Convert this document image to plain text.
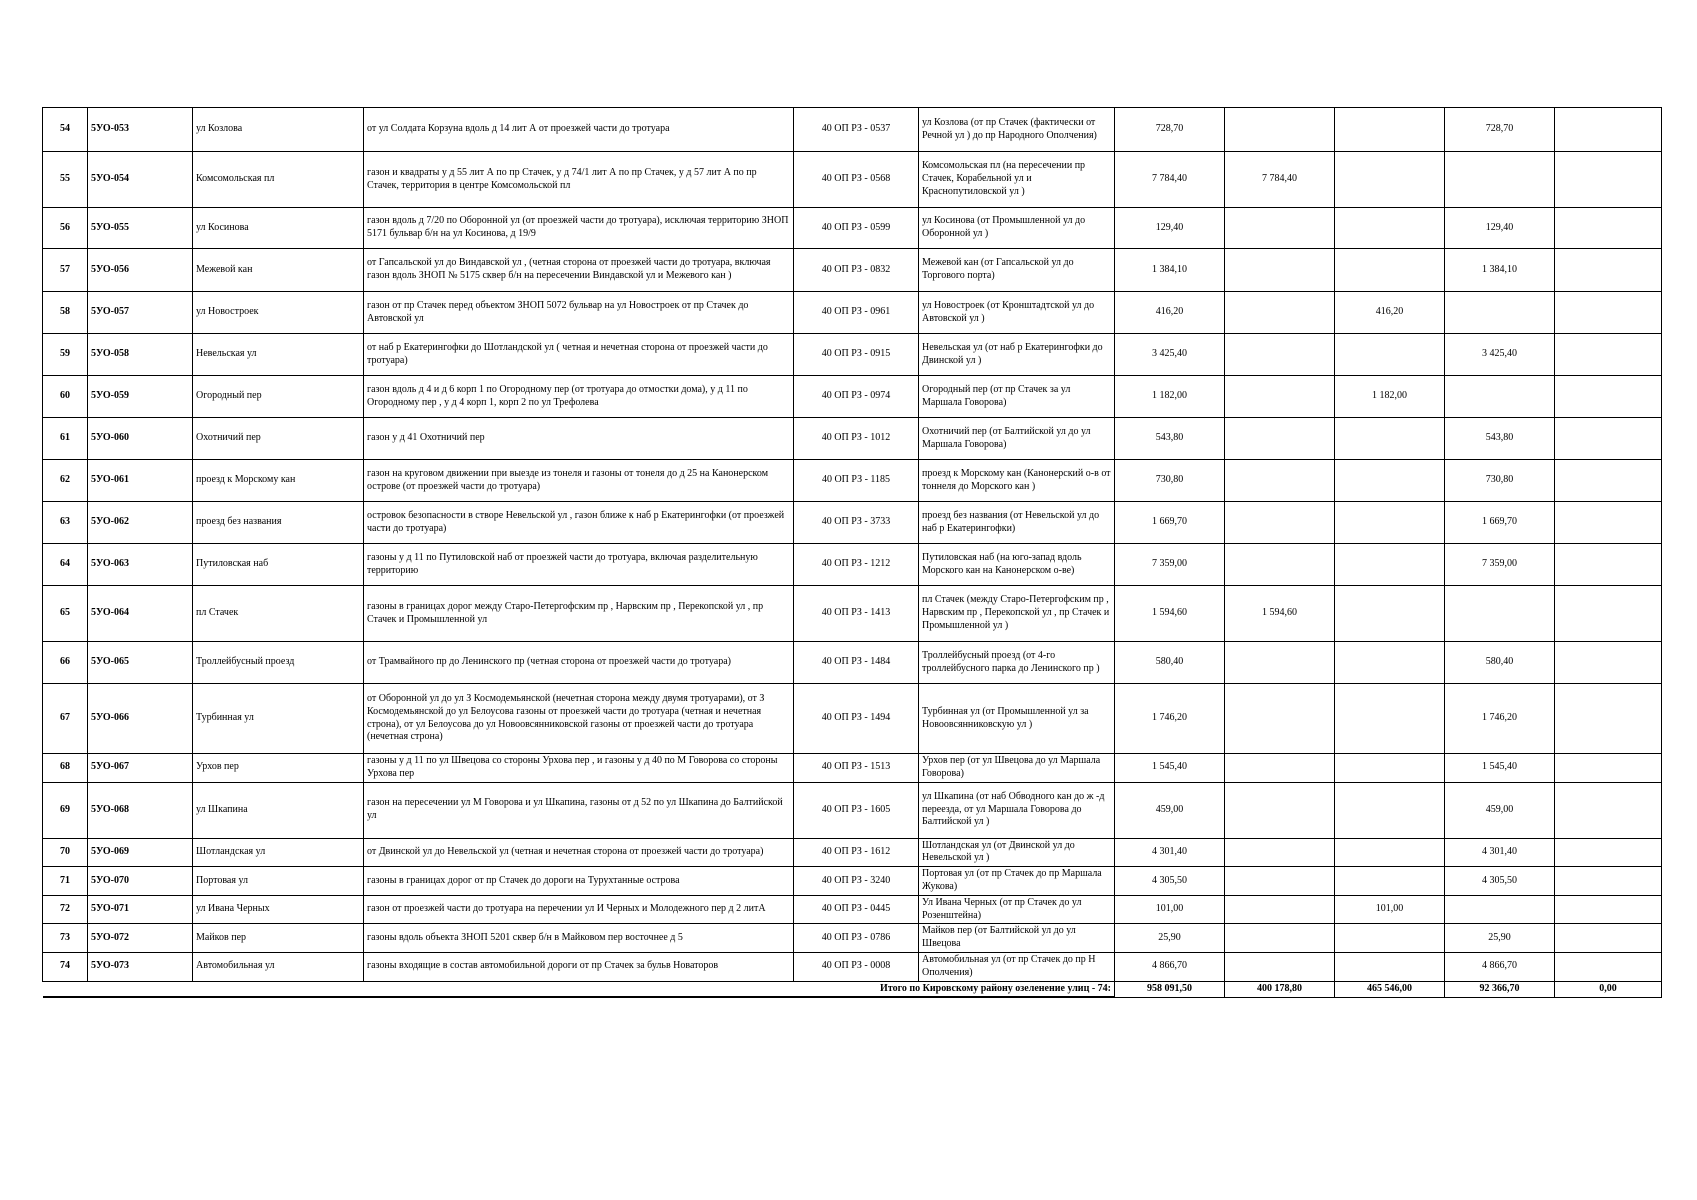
54	5УО-053	ул Козлова	от ул Солдата Корзуна вдоль д 14 лит А от проезжей части до тротуара	40 ОП РЗ - 0537	ул Козлова (от пр Стачек (фактически от Речной ул ) до пр Народного Ополчения)	728,70			728,70	
55	5УО-054	Комсомольская пл	газон и квадраты у д 55 лит А по пр Стачек, у д 74/1 лит А по пр Стачек, у д 57 лит А по пр Стачек, территория в центре Комсомольской пл	40 ОП РЗ - 0568	Комсомольская пл (на пересечении пр Стачек, Корабельной ул и Краснопутиловской ул )	7 784,40	7 784,40			
56	5УО-055	ул Косинова	газон вдоль д 7/20 по Оборонной ул (от проезжей части до тротуара), исключая территорию ЗНОП 5171 бульвар б/н на ул Косинова, д 19/9	40 ОП РЗ - 0599	ул Косинова (от Промышленной ул до Оборонной ул )	129,40			129,40	
57	5УО-056	Межевой кан	от Гапсальской ул до Виндавской ул , (четная сторона от проезжей части до тротуара, включая газон вдоль ЗНОП № 5175 сквер б/н на пересечении Виндавской ул и Межевого кан )	40 ОП РЗ - 0832	Межевой кан (от Гапсальской ул до Торгового порта)	1 384,10			1 384,10	
58	5УО-057	ул Новостроек	газон от пр Стачек перед объектом ЗНОП 5072 бульвар на ул Новостроек от пр Стачек до Автовской ул	40 ОП РЗ - 0961	ул Новостроек (от Кронштадтской ул до Автовской ул )	416,20		416,20		
59	5УО-058	Невельская ул	от наб р Екатерингофки до Шотландской ул ( четная и нечетная сторона от проезжей части до тротуара)	40 ОП РЗ - 0915	Невельская ул (от наб р Екатерингофки до Двинской ул )	3 425,40			3 425,40	
60	5УО-059	Огородный пер	газон вдоль д 4 и д 6 корп 1 по Огородному пер (от тротуара до отмостки дома), у д 11 по Огородному пер , у д 4 корп 1, корп 2 по ул Трефолева	40 ОП РЗ - 0974	Огородный пер (от пр Стачек за ул Маршала Говорова)	1 182,00		1 182,00		
61	5УО-060	Охотничий пер	газон у д 41 Охотничий пер	40 ОП РЗ - 1012	Охотничий пер (от Балтийской ул до ул Маршала Говорова)	543,80			543,80	
62	5УО-061	проезд к Морскому кан	газон на круговом движении при выезде из тонеля и газоны от тонеля до д 25 на Канонерском острове (от проезжей части до тротуара)	40 ОП РЗ - 1185	проезд к Морскому кан (Канонерский о-в от тоннеля до Морского кан )	730,80			730,80	
63	5УО-062	проезд без названия	островок безопасности в створе Невельской ул , газон ближе к наб р Екатерингофки (от проезжей части до тротуара)	40 ОП РЗ - 3733	проезд без названия (от Невельской ул до наб р Екатерингофки)	1 669,70			1 669,70	
64	5УО-063	Путиловская наб	газоны у д 11 по Путиловской наб от проезжей части до тротуара, включая разделительную территорию	40 ОП РЗ - 1212	Путиловская наб (на юго-запад вдоль Морского кан на Канонерском о-ве)	7 359,00			7 359,00	
65	5УО-064	пл Стачек	газоны в границах дорог между Старо-Петергофским пр , Нарвским пр , Перекопской ул , пр Стачек и Промышленной ул	40 ОП РЗ - 1413	пл Стачек (между Старо-Петергофским пр , Нарвским пр , Перекопской ул , пр Стачек и Промышленной ул )	1 594,60	1 594,60			
66	5УО-065	Троллейбусный проезд	от Трамвайного пр до Ленинского пр (четная сторона от проезжей части до тротуара)	40 ОП РЗ - 1484	Троллейбусный проезд (от 4-го троллейбусного парка до Ленинского пр )	580,40			580,40	
67	5УО-066	Турбинная ул	от Оборонной ул до ул З Космодемьянской (нечетная сторона между двумя тротуарами), от З Космодемьянской до ул Белоусова газоны от проезжей части до тротуара (четная и нечетная строна), от ул Белоусова до ул Новоовсянниковской газоны от проезжей части до тротуара (нечетная строна)	40 ОП РЗ - 1494	Турбинная ул (от Промышленной ул за Новоовсянниковскую ул )	1 746,20			1 746,20	
68	5УО-067	Урхов пер	газоны у д 11 по ул Швецова со стороны Урхова пер , и газоны у д 40 по М Говорова со стороны Урхова пер	40 ОП РЗ - 1513	Урхов пер (от ул Швецова до ул Маршала Говорова)	1 545,40			1 545,40	
69	5УО-068	ул Шкапина	газон на пересечении ул М Говорова и ул Шкапина, газоны от д 52 по ул Шкапина до Балтийской ул	40 ОП РЗ - 1605	ул Шкапина (от наб Обводного кан до ж -д переезда, от ул Маршала Говорова до Балтийской ул )	459,00			459,00	
70	5УО-069	Шотландская ул	от Двинской ул до Невельской ул (четная и нечетная сторона от проезжей части до тротуара)	40 ОП РЗ - 1612	Шотландская ул (от Двинской ул до Невельской ул )	4 301,40			4 301,40	
71	5УО-070	Портовая ул	газоны в границах дорог от пр Стачек до дороги на Турухтанные острова	40 ОП РЗ - 3240	Портовая ул (от пр Стачек до пр Маршала Жукова)	4 305,50			4 305,50	
72	5УО-071	ул Ивана Черных	газон от проезжей части до тротуара на перечении ул И Черных и Молодежного пер д 2 литА	40 ОП РЗ - 0445	Ул Ивана Черных (от пр Стачек до ул Розенштейна)	101,00		101,00		
73	5УО-072	Майков пер	газоны вдоль объекта ЗНОП 5201 сквер б/н в Майковом пер восточнее д 5	40 ОП РЗ - 0786	Майков пер (от Балтийской ул до ул Швецова	25,90			25,90	
74	5УО-073	Автомобильная ул	газоны входящие в состав автомобильной дороги от пр Стачек за бульв Новаторов	40 ОП РЗ - 0008	Автомобильная ул (от пр Стачек до пр Н Ополчения)	4 866,70			4 866,70	
Итого по Кировскому району озеленение улиц - 74:						958 091,50	400 178,80	465 546,00	92 366,70	0,00
